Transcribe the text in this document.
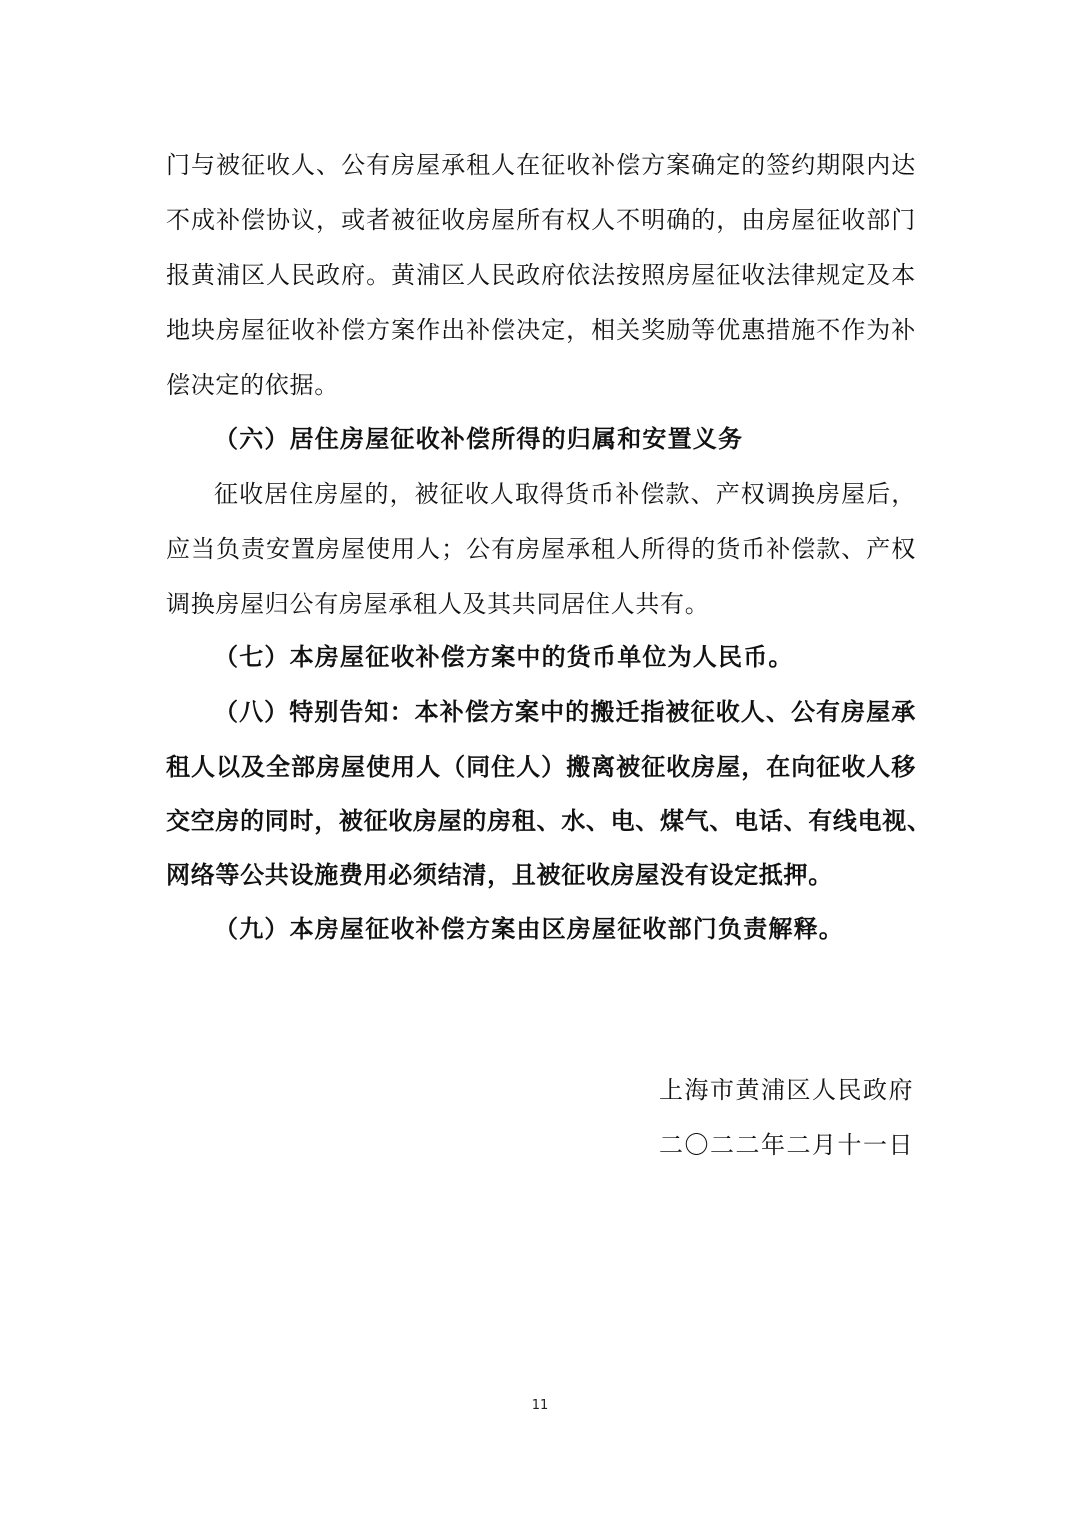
门与被征收人、公有房屋承租人在征收补偿方案确定的签约期限内达
不成补偿协议，或者被征收房屋所有权人不明确的，由房屋征收部门
报黄浦区人民政府。黄浦区人民政府依法按照房屋征收法律规定及本
地块房屋征收补偿方案作出补偿决定，相关奖励等优惠措施不作为补
偿决定的依据。
（六）居住房屋征收补偿所得的归属和安置义务
征收居住房屋的，被征收人取得货币补偿款、产权调换房屋后，
应当负责安置房屋使用人；公有房屋承租人所得的货币补偿款、产权
调换房屋归公有房屋承租人及其共同居住人共有。
（七）本房屋征收补偿方案中的货币单位为人民币。
（八）特别告知：本补偿方案中的搬迁指被征收人、公有房屋承
租人以及全部房屋使用人（同住人）搬离被征收房屋，在向征收人移
交空房的同时，被征收房屋的房租、水、电、煤气、电话、有线电视、
网络等公共设施费用必须结清，且被征收房屋没有设定抵押。
（九）本房屋征收补偿方案由区房屋征收部门负责解释。
上海市黄浦区人民政府
二〇二二年二月十一日
11
